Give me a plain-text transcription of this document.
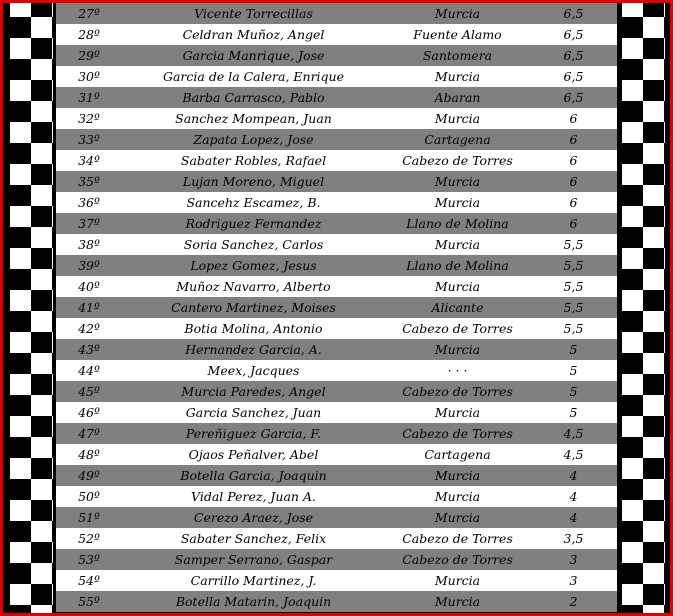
27º	Vicente Torrecillas	Murcia	6,5
28º	Celdran Muñoz, Angel	Fuente Alamo	6,5
29º	Garcia Manrique, Jose	Santomera	6,5
30º	Garcia de la Calera, Enrique	Murcia	6,5
31º	Barba Carrasco, Pablo	Abaran	6,5
32º	Sanchez Mompean, Juan	Murcia	6
33º	Zapata Lopez, Jose	Cartagena	6
34º	Sabater Robles, Rafael	Cabezo de Torres	6
35º	Lujan Moreno, Miguel	Murcia	6
36º	Sancehz Escamez, B.	Murcia	6
37º	Rodriguez Fernandez	Llano de Molina	6
38º	Soria Sanchez, Carlos	Murcia	5,5
39º	Lopez Gomez, Jesus	Llano de Molina	5,5
40º	Muñoz Navarro, Alberto	Murcia	5,5
41º	Cantero Martinez, Moises	Alicante	5,5
42º	Botia Molina, Antonio	Cabezo de Torres	5,5
43º	Hernandez Garcia, A.	Murcia	5
44º	Meex, Jacques	· · ·	5
45º	Murcia Paredes, Angel	Cabezo de Torres	5
46º	Garcia Sanchez, Juan	Murcia	5
47º	Pereñiguez Garcia, F.	Cabezo de Torres	4,5
48º	Ojaos Peñalver, Abel	Cartagena	4,5
49º	Botella Garcia, Joaquin	Murcia	4
50º	Vidal Perez, Juan A.	Murcia	4
51º	Cerezo Araez, Jose	Murcia	4
52º	Sabater Sanchez, Felix	Cabezo de Torres	3,5
53º	Samper Serrano, Gaspar	Cabezo de Torres	3
54º	Carrillo Martinez, J.	Murcia	3
55º	Botella Matarin, Joaquin	Murcia	2
